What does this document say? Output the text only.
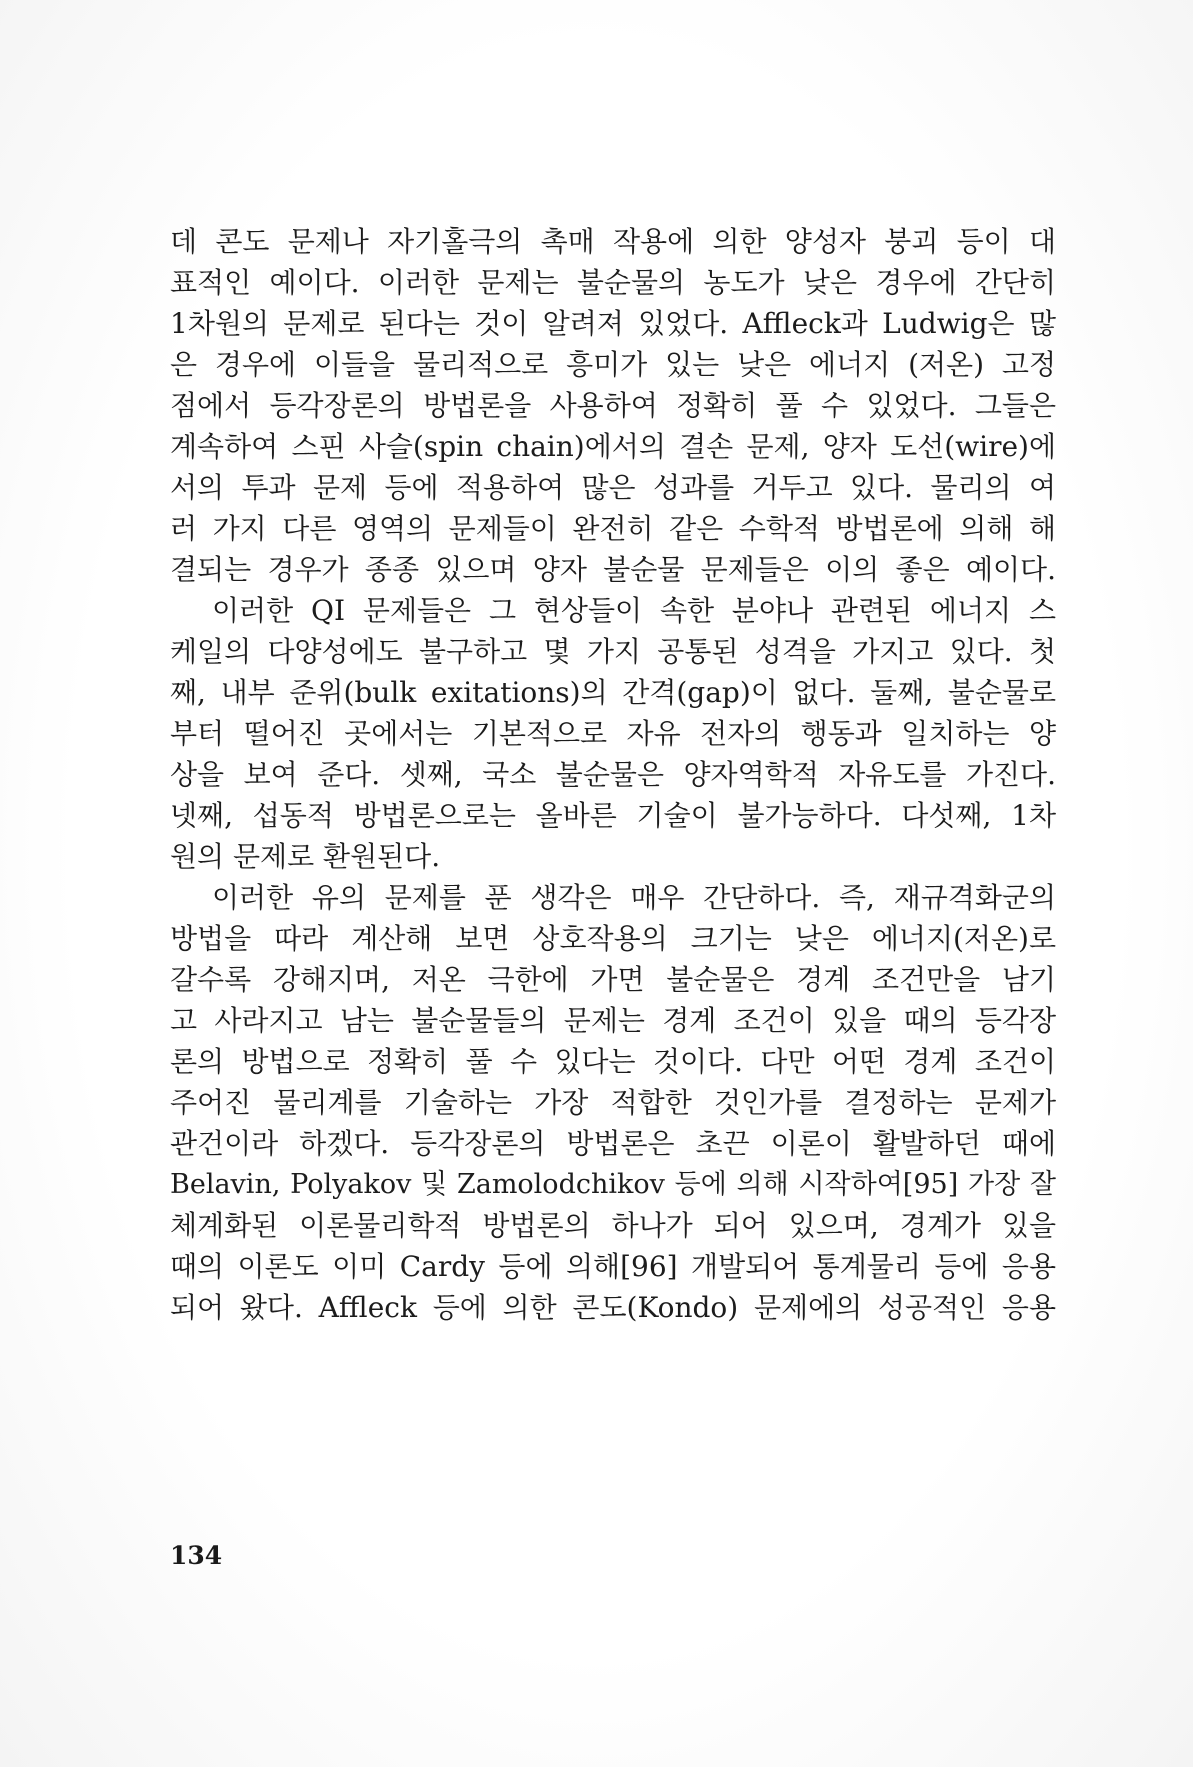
데 콘도 문제나 자기홀극의 촉매 작용에 의한 양성자 붕괴 등이 대
표적인 예이다. 이러한 문제는 불순물의 농도가 낮은 경우에 간단히
1차원의 문제로 된다는 것이 알려져 있었다. Affleck과 Ludwig은 많
은 경우에 이들을 물리적으로 흥미가 있는 낮은 에너지 (저온) 고정
점에서 등각장론의 방법론을 사용하여 정확히 풀 수 있었다. 그들은
계속하여 스핀 사슬(spin chain)에서의 결손 문제, 양자 도선(wire)에
서의 투과 문제 등에 적용하여 많은 성과를 거두고 있다. 물리의 여
러 가지 다른 영역의 문제들이 완전히 같은 수학적 방법론에 의해 해
결되는 경우가 종종 있으며 양자 불순물 문제들은 이의 좋은 예이다.
이러한 QI 문제들은 그 현상들이 속한 분야나 관련된 에너지 스
케일의 다양성에도 불구하고 몇 가지 공통된 성격을 가지고 있다. 첫
째, 내부 준위(bulk exitations)의 간격(gap)이 없다. 둘째, 불순물로
부터 떨어진 곳에서는 기본적으로 자유 전자의 행동과 일치하는 양
상을 보여 준다. 셋째, 국소 불순물은 양자역학적 자유도를 가진다.
넷째, 섭동적 방법론으로는 올바른 기술이 불가능하다. 다섯째, 1차
원의 문제로 환원된다.
이러한 유의 문제를 푼 생각은 매우 간단하다. 즉, 재규격화군의
방법을 따라 계산해 보면 상호작용의 크기는 낮은 에너지(저온)로
갈수록 강해지며, 저온 극한에 가면 불순물은 경계 조건만을 남기
고 사라지고 남는 불순물들의 문제는 경계 조건이 있을 때의 등각장
론의 방법으로 정확히 풀 수 있다는 것이다. 다만 어떤 경계 조건이
주어진 물리계를 기술하는 가장 적합한 것인가를 결정하는 문제가
관건이라 하겠다. 등각장론의 방법론은 초끈 이론이 활발하던 때에
Belavin, Polyakov 및 Zamolodchikov 등에 의해 시작하여[95] 가장 잘
체계화된 이론물리학적 방법론의 하나가 되어 있으며, 경계가 있을
때의 이론도 이미 Cardy 등에 의해[96] 개발되어 통계물리 등에 응용
되어 왔다. Affleck 등에 의한 콘도(Kondo) 문제에의 성공적인 응용
134
